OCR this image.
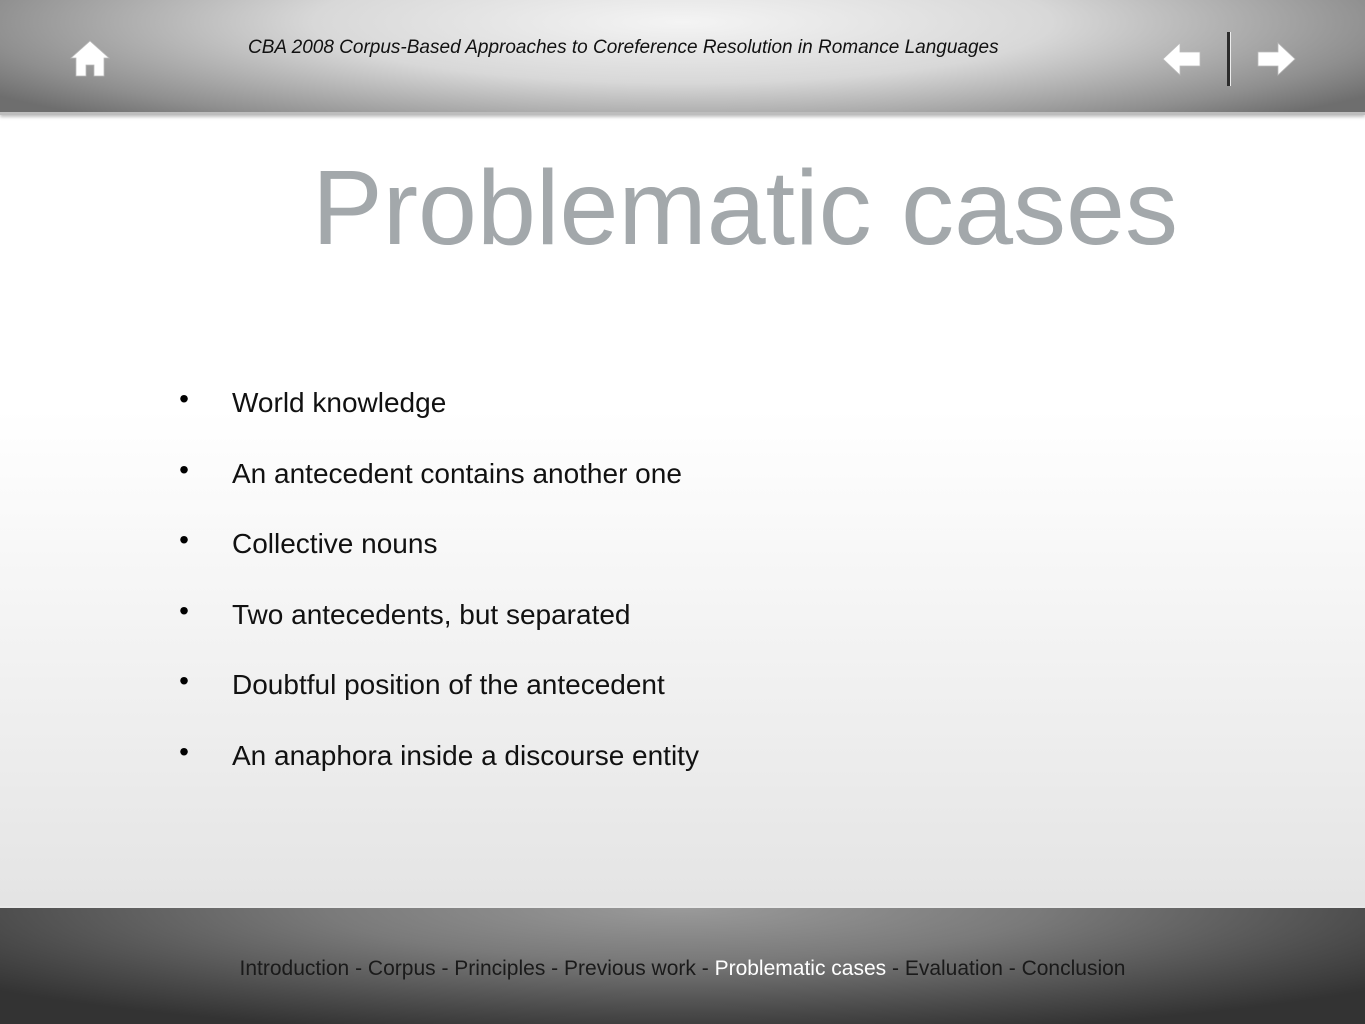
CBA 2008 Corpus-Based Approaches to Coreference Resolution in Romance Languages
Problematic cases
• World knowledge
• An antecedent contains another one
• Collective nouns
• Two antecedents, but separated
• Doubtful position of the antecedent
• An anaphora inside a discourse entity
Introduction - Corpus - Principles - Previous work - Problematic cases - Evaluation - Conclusion
